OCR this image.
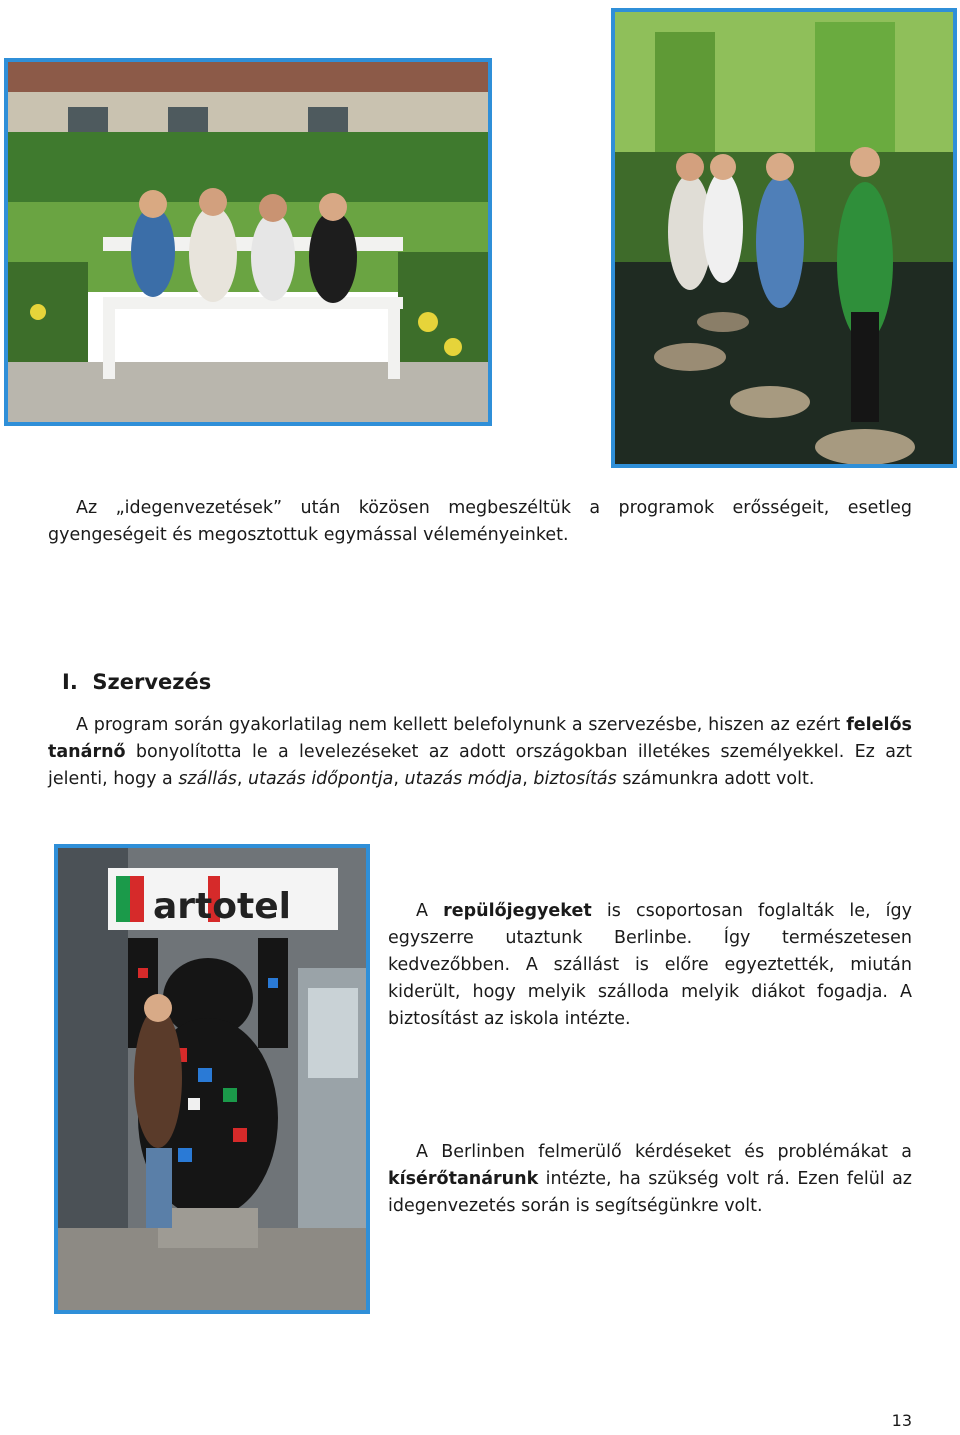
Az „idegenvezetések” után közösen megbeszéltük a programok erősségeit, esetleg gyengeségeit és megosztottuk egymással véleményeinket.

I. Szervezés

A program során gyakorlatilag nem kellett belefolynunk a szervezésbe, hiszen az ezért felelős tanárnő bonyolította le a levelezéseket az adott országokban illetékes személyekkel. Ez azt jelenti, hogy a szállás, utazás időpontja, utazás módja, biztosítás számunkra adott volt.

artotel	A repülőjegyeket is csoportosan foglalták le, így egyszerre utaztunk Berlinbe. Így természetesen kedvezőbben. A szállást is előre egyeztették, miután kiderült, hogy melyik szálloda melyik diákot fogadja. A biztosítást az iskola intézte.

A Berlinben felmerülő kérdéseket és problémákat a kísérőtanárunk intézte, ha szükség volt rá. Ezen felül az idegenvezetés során is segítségünkre volt.

13
